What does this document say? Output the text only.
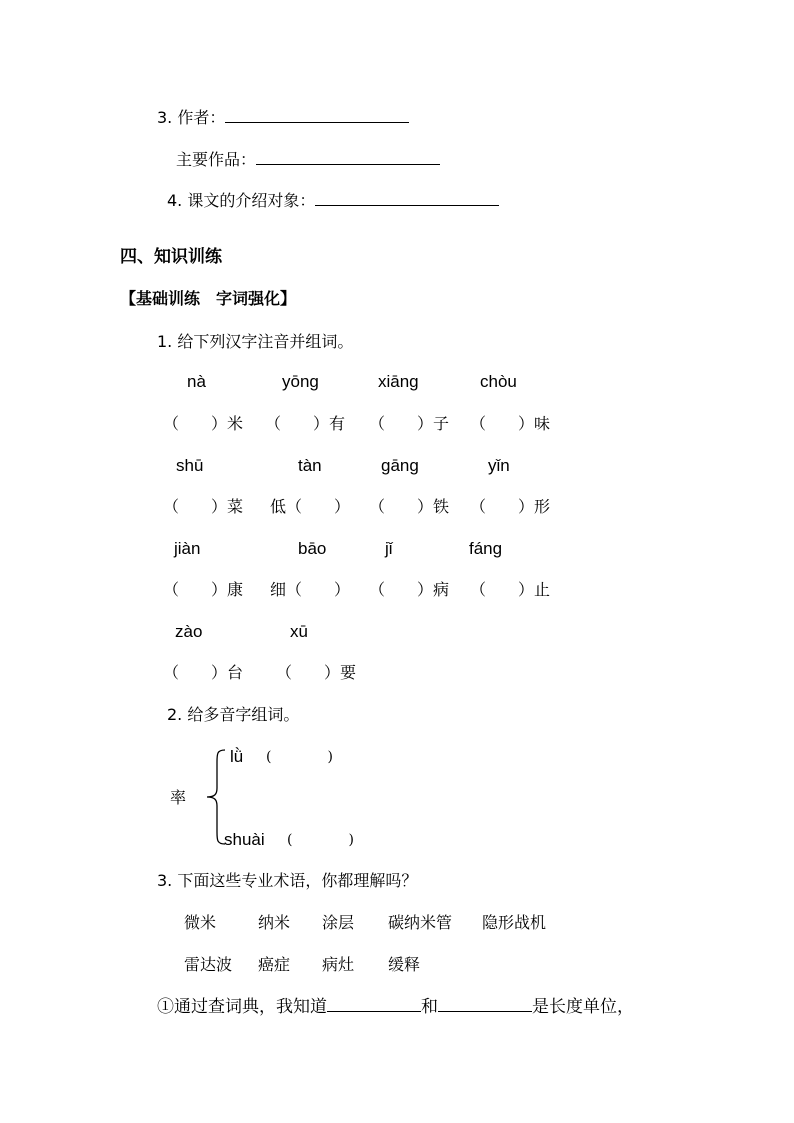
3. 作者：
主要作品：
4. 课文的介绍对象：
四、知识训练
【基础训练　字词强化】
1. 给下列汉字注音并组词。
nà	yōng	xiāng	chòu
（　　）米 （　　）有 （　　）子 （　　）味
shū	tàn	gāng	yǐn
（　　）菜 低（　　） （　　）铁 （　　）形
jiàn	bāo	jǐ	fáng
（　　）康 细（　　） （　　）病 （　　）止
zào	xū
（　　）台 （　　）要
2. 给多音字组词。
率
lǜ (　　　　)
shuài (　　　　)
3. 下面这些专业术语，你都理解吗？
微米	纳米 涂层 碳纳米管 隐形战机
雷达波 癌症 病灶 缓释
①通过查词典，我知道	和	是长度单位，
